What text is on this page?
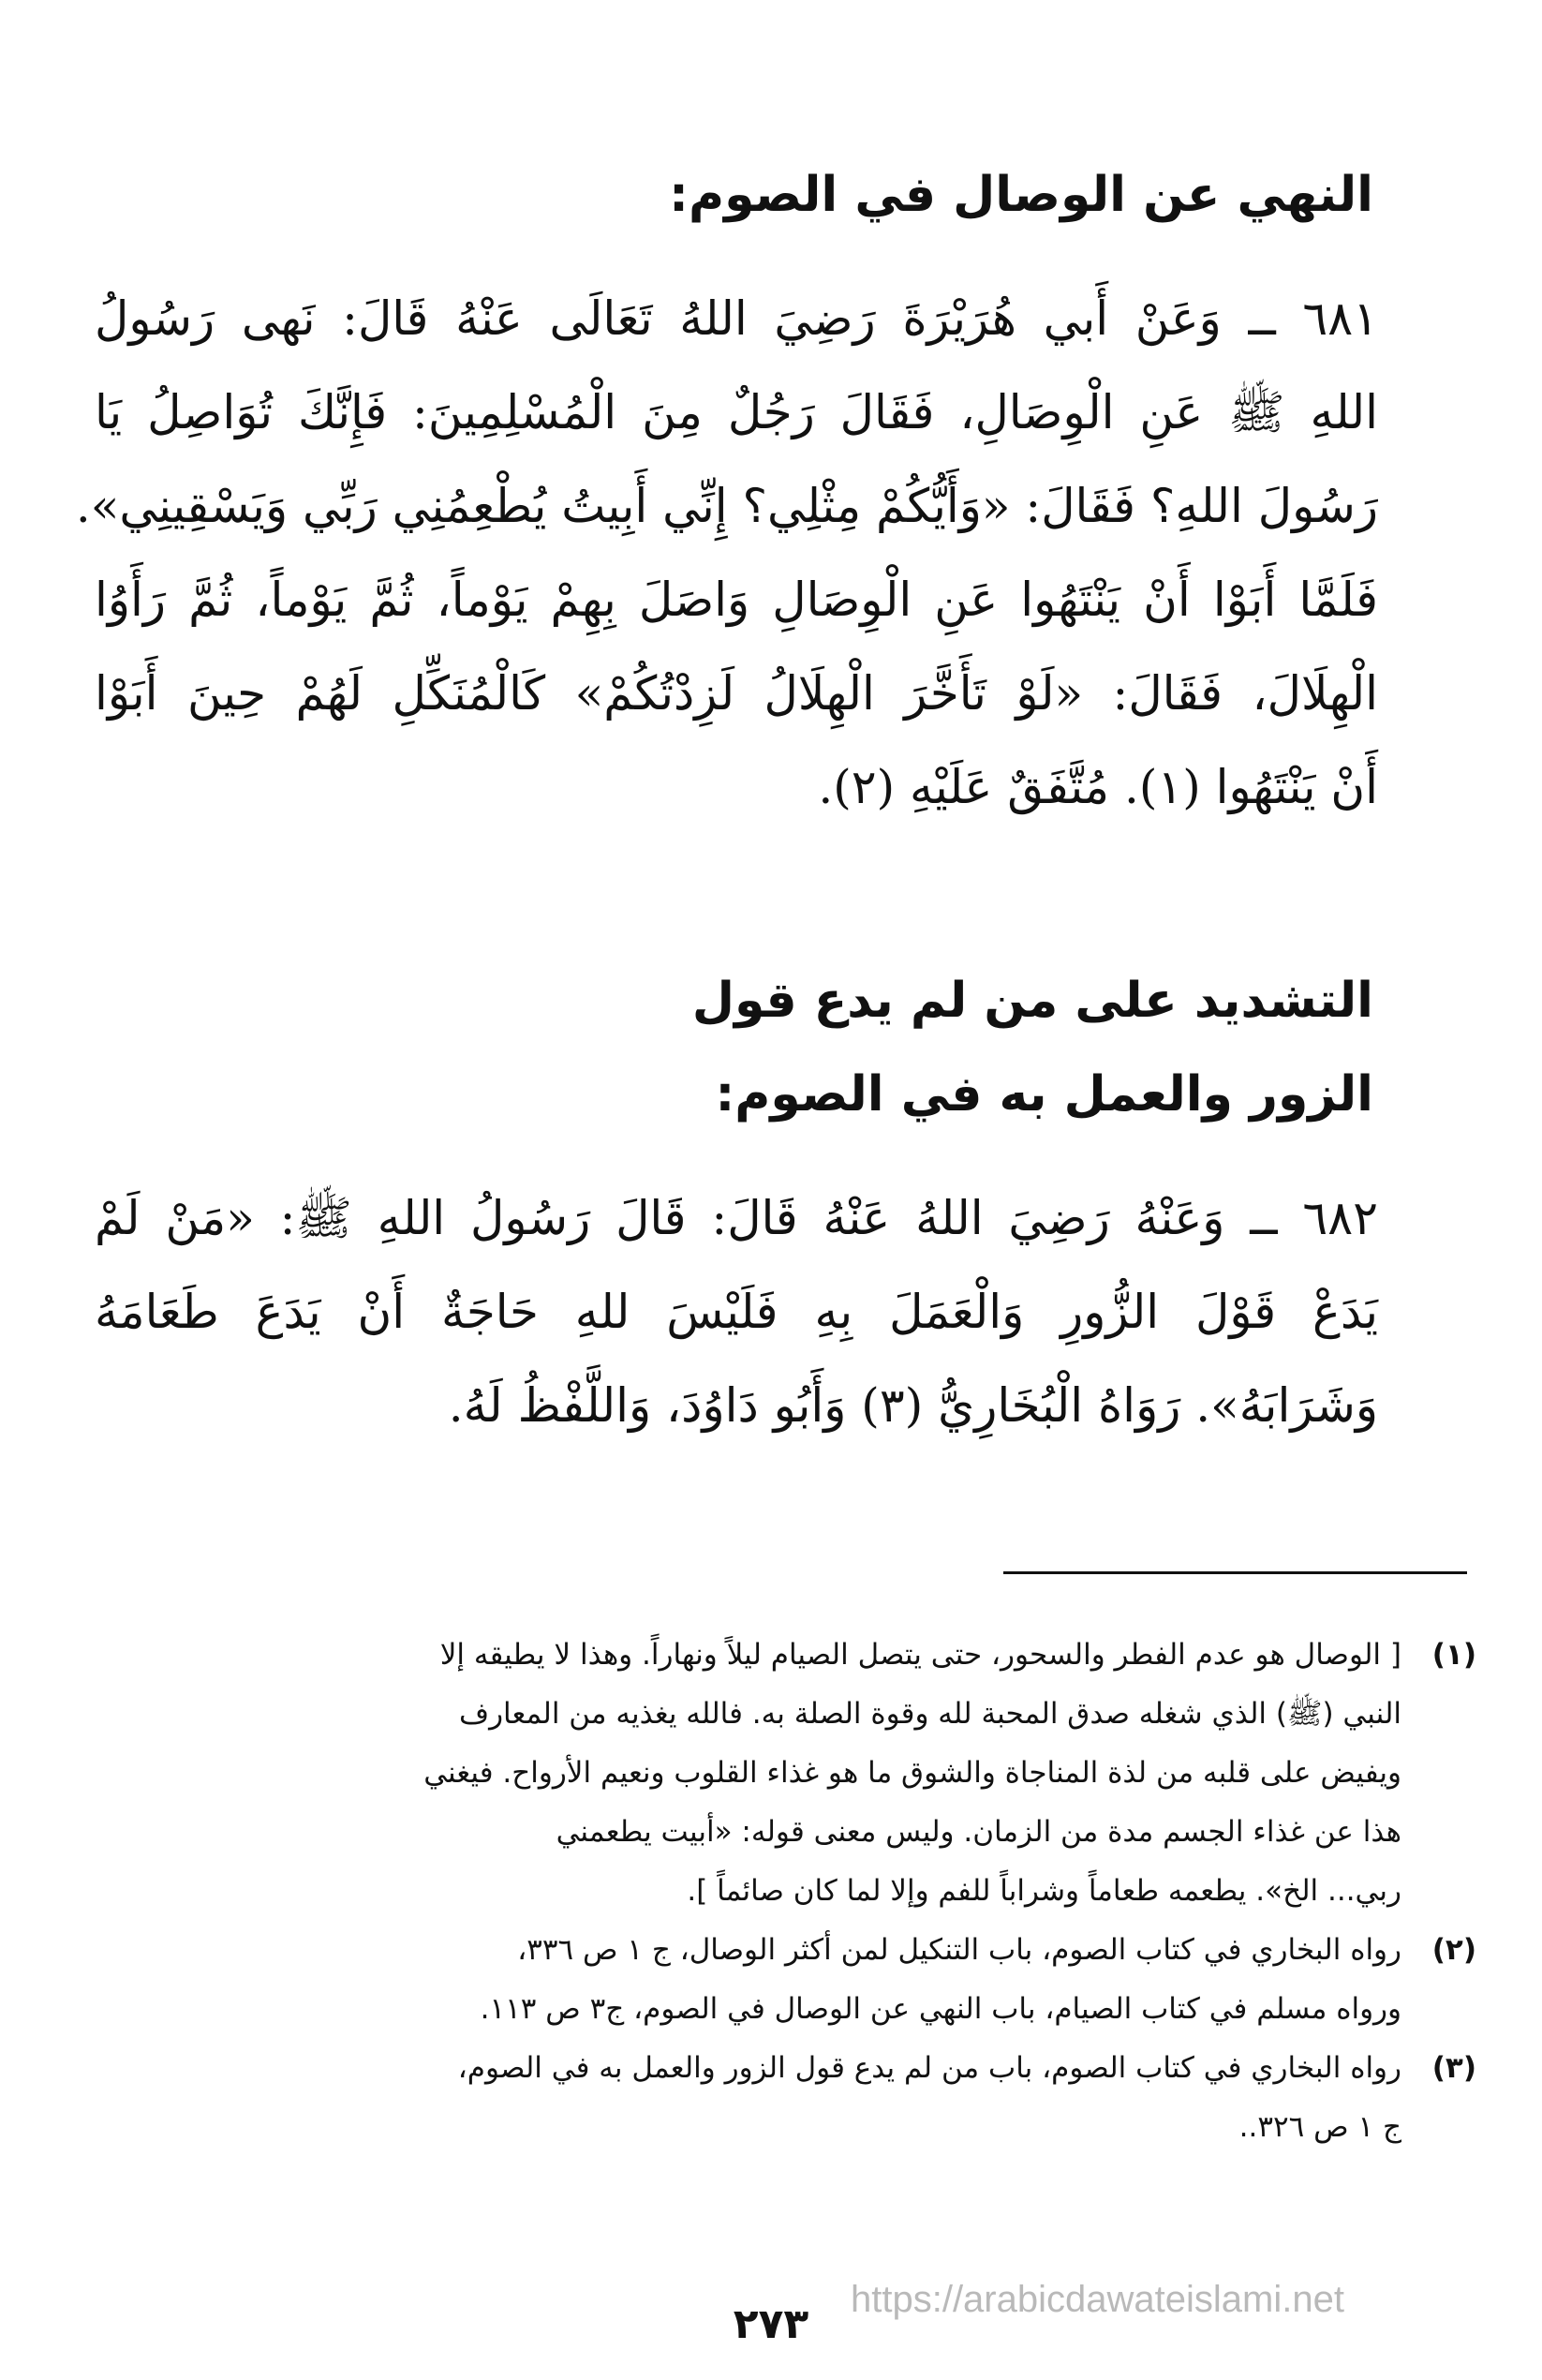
النهي عن الوصال في الصوم:
٦٨١ ــ وَعَنْ أَبي هُرَيْرَةَ رَضِيَ اللهُ تَعَالَى عَنْهُ قَالَ: نَهى رَسُولُ
اللهِ ﷺ عَنِ الْوِصَالِ، فَقَالَ رَجُلٌ مِنَ الْمُسْلِمِينَ: فَإِنَّكَ تُوَاصِلُ يَا
رَسُولَ اللهِ؟ فَقَالَ: «وَأَيُّكُمْ مِثْلِي؟ إِنِّي أَبِيتُ يُطْعِمُنِي رَبِّي وَيَسْقِينِي».
فَلَمَّا أَبَوْا أَنْ يَنْتَهُوا عَنِ الْوِصَالِ وَاصَلَ بِهِمْ يَوْماً، ثُمَّ يَوْماً، ثُمَّ رَأَوُا
الْهِلَالَ، فَقَالَ: «لَوْ تَأَخَّرَ الْهِلَالُ لَزِدْتُكُمْ» كَالْمُنَكِّلِ لَهُمْ حِينَ أَبَوْا
أَنْ يَنْتَهُوا (١). مُتَّفَقٌ عَلَيْهِ (٢).
التشديد على من لم يدع قول
الزور والعمل به في الصوم:
٦٨٢ ــ وَعَنْهُ رَضِيَ اللهُ عَنْهُ قَالَ: قَالَ رَسُولُ اللهِ ﷺ: «مَنْ لَمْ
يَدَعْ قَوْلَ الزُّورِ وَالْعَمَلَ بِهِ فَلَيْسَ للهِ حَاجَةٌ أَنْ يَدَعَ طَعَامَهُ
وَشَرَابَهُ». رَوَاهُ الْبُخَارِيُّ (٣) وَأَبُو دَاوُدَ، وَاللَّفْظُ لَهُ.
(١)
[ الوصال هو عدم الفطر والسحور، حتى يتصل الصيام ليلاً ونهاراً. وهذا لا يطيقه إلا
النبي (ﷺ) الذي شغله صدق المحبة لله وقوة الصلة به. فالله يغذيه من المعارف
ويفيض على قلبه من لذة المناجاة والشوق ما هو غذاء القلوب ونعيم الأرواح. فيغني
هذا عن غذاء الجسم مدة من الزمان. وليس معنى قوله: «أبيت يطعمني
ربي... الخ». يطعمه طعاماً وشراباً للفم وإلا لما كان صائماً ].
(٢)
رواه البخاري في كتاب الصوم، باب التنكيل لمن أكثر الوصال، ج ١ ص ٣٣٦،
ورواه مسلم في كتاب الصيام، باب النهي عن الوصال في الصوم، ج٣ ص ١١٣.
(٣)
رواه البخاري في كتاب الصوم، باب من لم يدع قول الزور والعمل به في الصوم،
ج ١ ص ٣٢٦..
٢٧٣
https://arabicdawateislami.net
